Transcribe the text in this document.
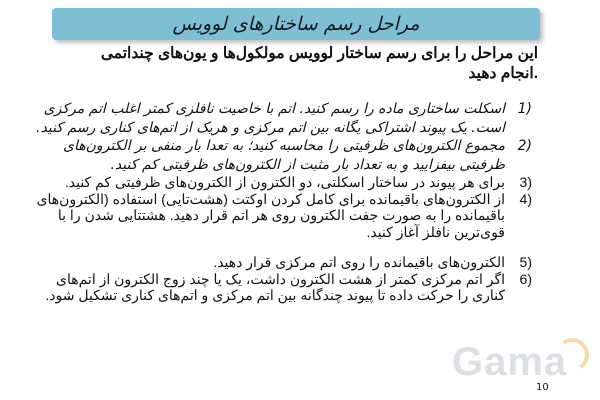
مراحل رسم ساختارهای لوویس
این مراحل را برای رسم ساختار لوویس مولکول‌ها و یون‌های چنداتمی
.انجام دهید
1)
اسکلت ساختاری ماده را رسم کنید. اتم با خاصیت نافلزی کمتر اغلب اتم مرکزی است. یک پیوند اشتراکی یگانه بین اتم مرکزی و هریک از اتم‌های کناری رسم کنید.
2)
مجموع الکترون‌های ظرفیتی را محاسبه کنید؛ به تعدا بار منفی بر الکترون‌های ظرفیتی بیفزایید و به تعداد بار مثبت از الکترون‌های ظرفیتی کم کنید.
3)
برای هر پیوند در ساختار اسکلتی، دو الکترون از الکترون‌های ظرفیتی کم کنید.
4)
از الکترون‌های باقیمانده برای کامل کردن اوکتت (هشت‌تایی) استفاده (الکترون‌های باقیمانده را به صورت جفت الکترون روی هر اتم قرار دهید. هشتتایی شدن را با قوی‌ترین نافلز آغاز کنید.
5)
الکترون‌های باقیمانده را روی اتم مرکزی قرار دهید.
6)
اگر اتم مرکزی کمتر از هشت الکترون داشت، یک یا چند زوج الکترون از اتم‌های کناری را حرکت داده تا پیوند چندگانه بین اتم مرکزی و اتم‌های کناری تشکیل شود.
Gama
10
